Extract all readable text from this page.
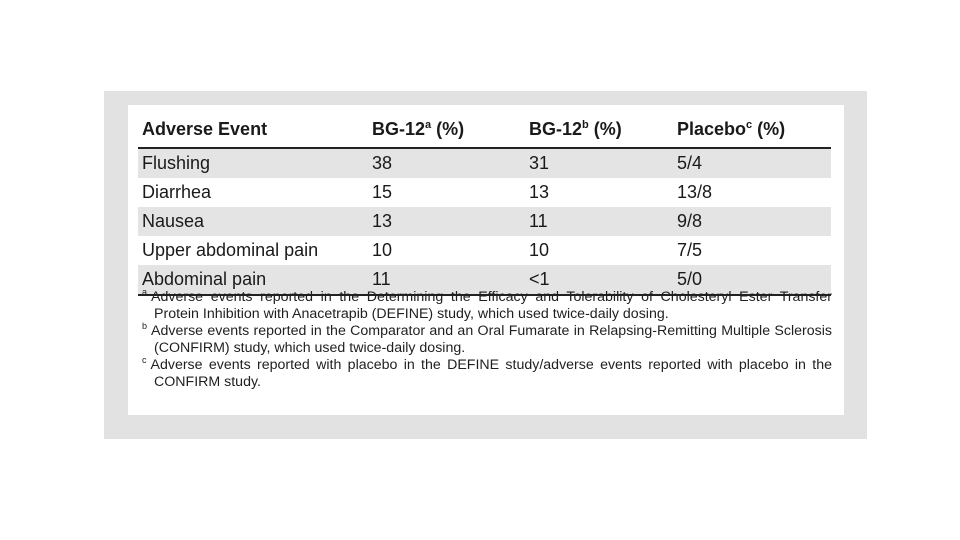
Adverse Event	BG-12$^a$ (%)	BG-12$^b$ (%)	Placebo$^c$ (%)
Flushing	38	31	5/4
Diarrhea	15	13	13/8
Nausea	13	11	9/8
Upper abdominal pain	10	10	7/5
Abdominal pain	11	<1	5/0

$^a$ Adverse events reported in the Determining the Efficacy and Tolerability of Cholesteryl Ester Transfer Protein Inhibition with Anacetrapib (DEFINE) study, which used twice-daily dosing.

$^b$ Adverse events reported in the Comparator and an Oral Fumarate in Relapsing-Remitting Multiple Sclerosis (CONFIRM) study, which used twice-daily dosing.

$^c$ Adverse events reported with placebo in the DEFINE study/adverse events reported with placebo in the CONFIRM study.
